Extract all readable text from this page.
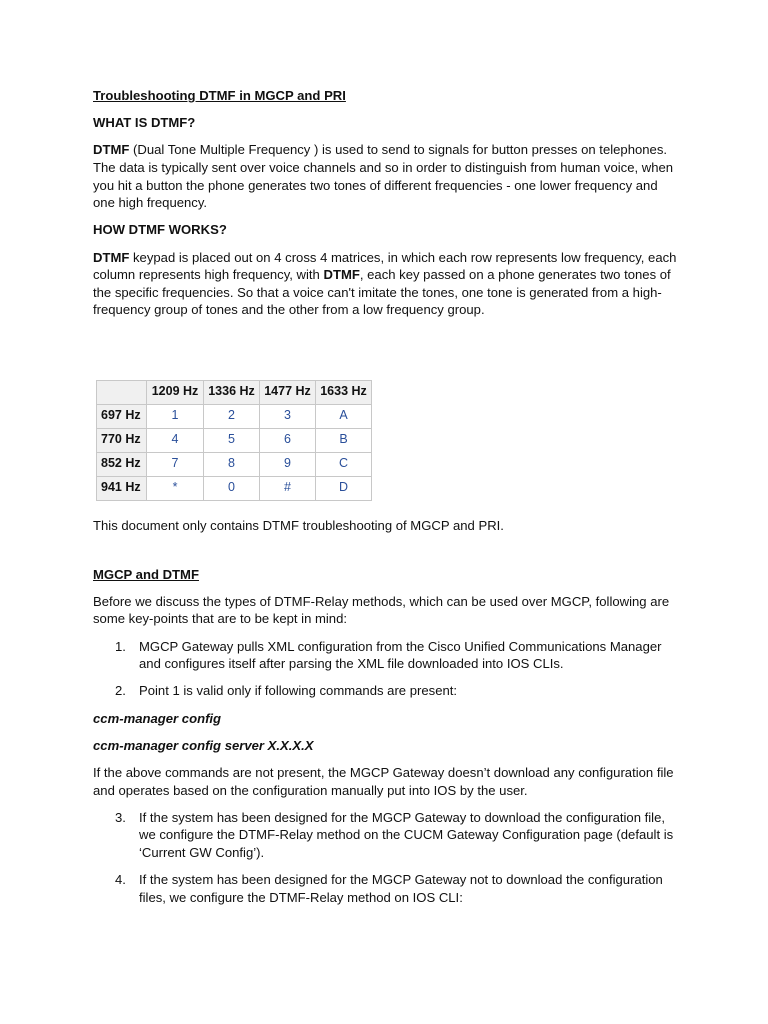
Troubleshooting DTMF in MGCP and PRI

WHAT IS DTMF?

DTMF (Dual Tone Multiple Frequency ) is used to send to signals for button presses on telephones. The data is typically sent over voice channels and so in order to distinguish from human voice, when you hit a button the phone generates two tones of different frequencies - one lower frequency and one high frequency.

HOW DTMF WORKS?

DTMF keypad is placed out on 4 cross 4 matrices, in which each row represents low frequency, each column represents high frequency, with DTMF, each key passed on a phone generates two tones of the specific frequencies. So that a voice can't imitate the tones, one tone is generated from a high-frequency group of tones and the other from a low frequency group.

	1209 Hz	1336 Hz	1477 Hz	1633 Hz
697 Hz	1	2	3	A
770 Hz	4	5	6	B
852 Hz	7	8	9	C
941 Hz	*	0	#	D

This document only contains DTMF troubleshooting of MGCP and PRI.

MGCP and DTMF

Before we discuss the types of DTMF-Relay methods, which can be used over MGCP, following are some key-points that are to be kept in mind:

1. MGCP Gateway pulls XML configuration from the Cisco Unified Communications Manager and configures itself after parsing the XML file downloaded into IOS CLIs.
2. Point 1 is valid only if following commands are present:

ccm-manager config

ccm-manager config server X.X.X.X

If the above commands are not present, the MGCP Gateway doesn’t download any configuration file and operates based on the configuration manually put into IOS by the user.

3. If the system has been designed for the MGCP Gateway to download the configuration file, we configure the DTMF-Relay method on the CUCM Gateway Configuration page (default is ‘Current GW Config’).
4. If the system has been designed for the MGCP Gateway not to download the configuration files, we configure the DTMF-Relay method on IOS CLI:
